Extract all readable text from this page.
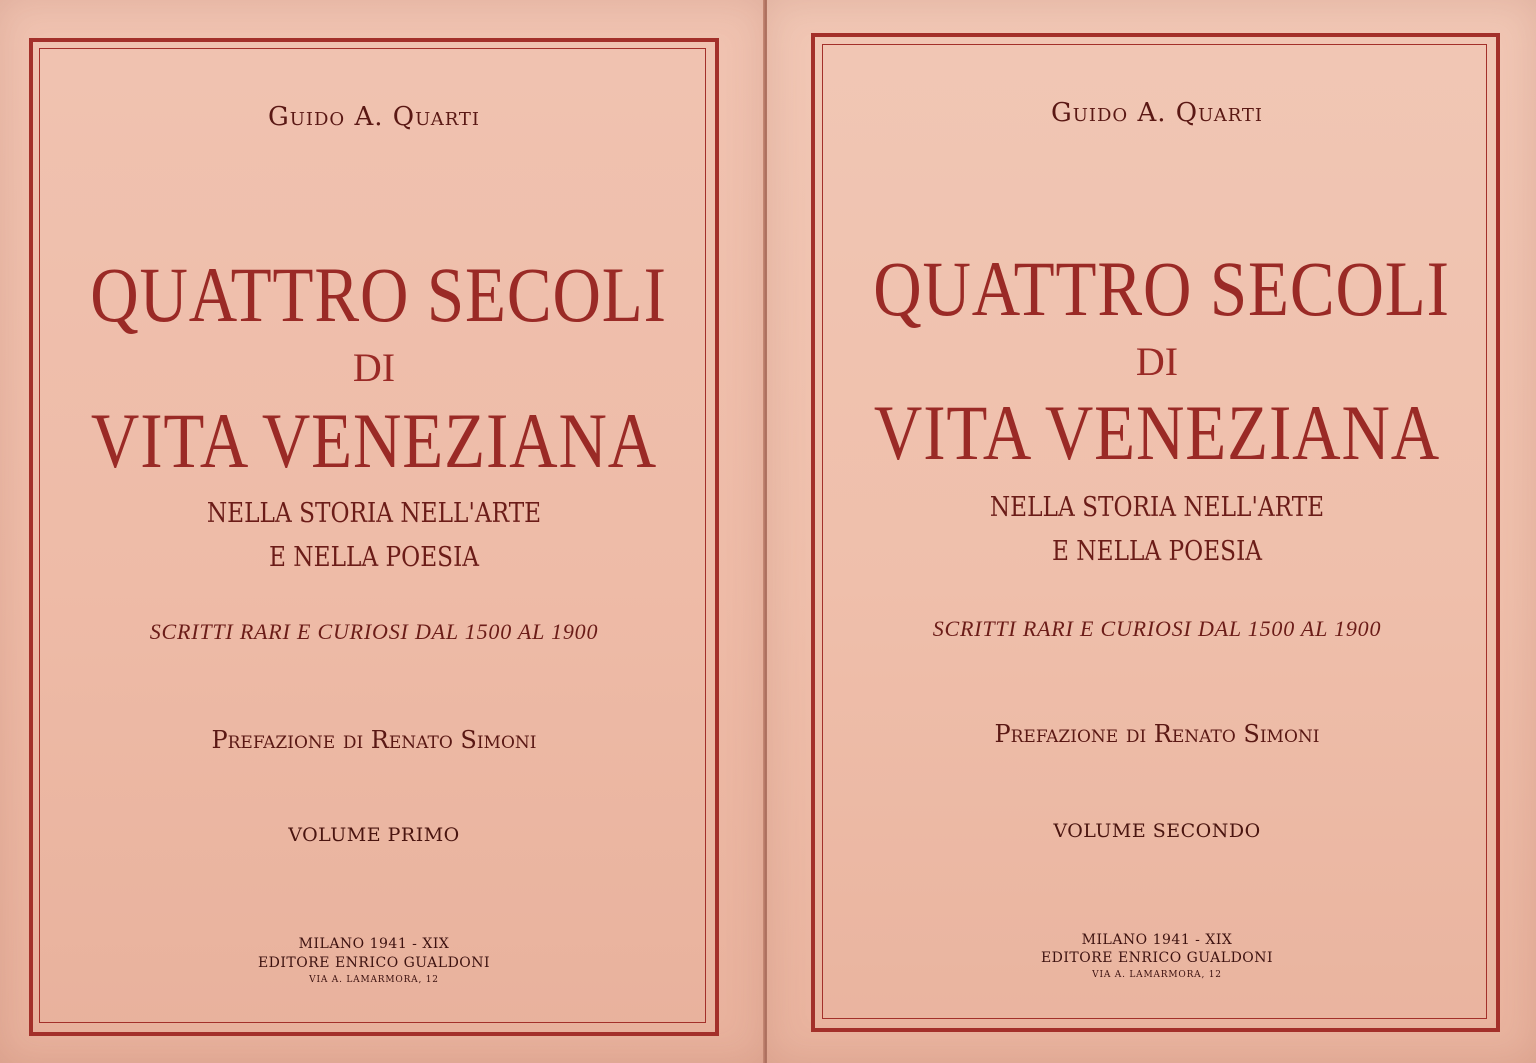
Guido A. Quarti
QUATTRO SECOLI
DI
VITA VENEZIANA
NELLA STORIA NELL'ARTE
E NELLA POESIA
SCRITTI RARI E CURIOSI DAL 1500 AL 1900
Prefazione di Renato Simoni
VOLUME PRIMO
MILANO 1941 - XIX
EDITORE ENRICO GUALDONI
VIA A. LAMARMORA, 12
Guido A. Quarti
QUATTRO SECOLI
DI
VITA VENEZIANA
NELLA STORIA NELL'ARTE
E NELLA POESIA
SCRITTI RARI E CURIOSI DAL 1500 AL 1900
Prefazione di Renato Simoni
VOLUME SECONDO
MILANO 1941 - XIX
EDITORE ENRICO GUALDONI
VIA A. LAMARMORA, 12
